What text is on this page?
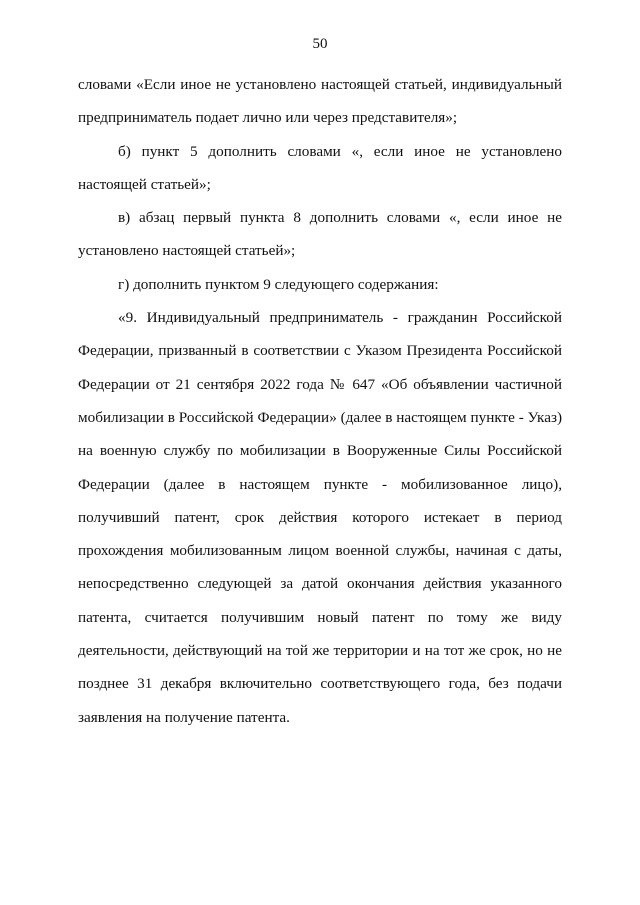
50
словами «Если иное не установлено настоящей статьей, индивидуальный
предприниматель подает лично или через представителя»;
б) пункт 5 дополнить словами «, если иное не установлено
настоящей статьей»;
в) абзац первый пункта 8 дополнить словами «, если иное не
установлено настоящей статьей»;
г) дополнить пунктом 9 следующего содержания:
«9. Индивидуальный предприниматель - гражданин Российской
Федерации, призванный в соответствии с Указом Президента Российской
Федерации от 21 сентября 2022 года № 647 «Об объявлении частичной
мобилизации в Российской Федерации» (далее в настоящем пункте - Указ)
на военную службу по мобилизации в Вооруженные Силы Российской
Федерации (далее в настоящем пункте - мобилизованное лицо),
получивший патент, срок действия которого истекает в период
прохождения мобилизованным лицом военной службы, начиная с даты,
непосредственно следующей за датой окончания действия указанного
патента, считается получившим новый патент по тому же виду
деятельности, действующий на той же территории и на тот же срок, но не
позднее 31 декабря включительно соответствующего года, без подачи
заявления на получение патента.
